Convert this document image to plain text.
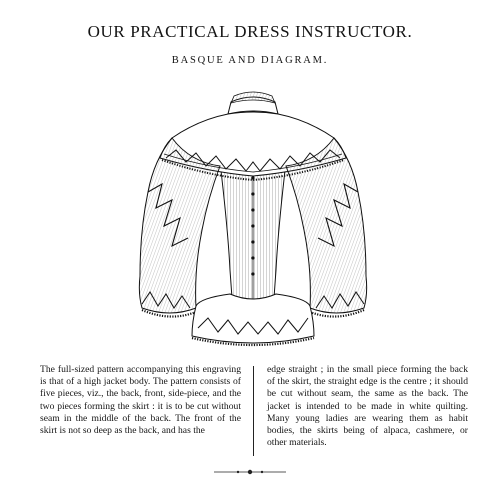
OUR PRACTICAL DRESS INSTRUCTOR.
BASQUE AND DIAGRAM.
The full-sized pattern accompanying this engraving is that of a high jacket body. The pattern consists of five pieces, viz., the back, front, side-piece, and the two pieces forming the skirt : it is to be cut without seam in the middle of the back. The front of the skirt is not so deep as the back, and has the
edge straight ; in the small piece forming the back of the skirt, the straight edge is the centre ; it should be cut without seam, the same as the back. The jacket is intended to be made in white quilting. Many young ladies are wearing them as habit bodies, the skirts being of alpaca, cashmere, or other materials.
